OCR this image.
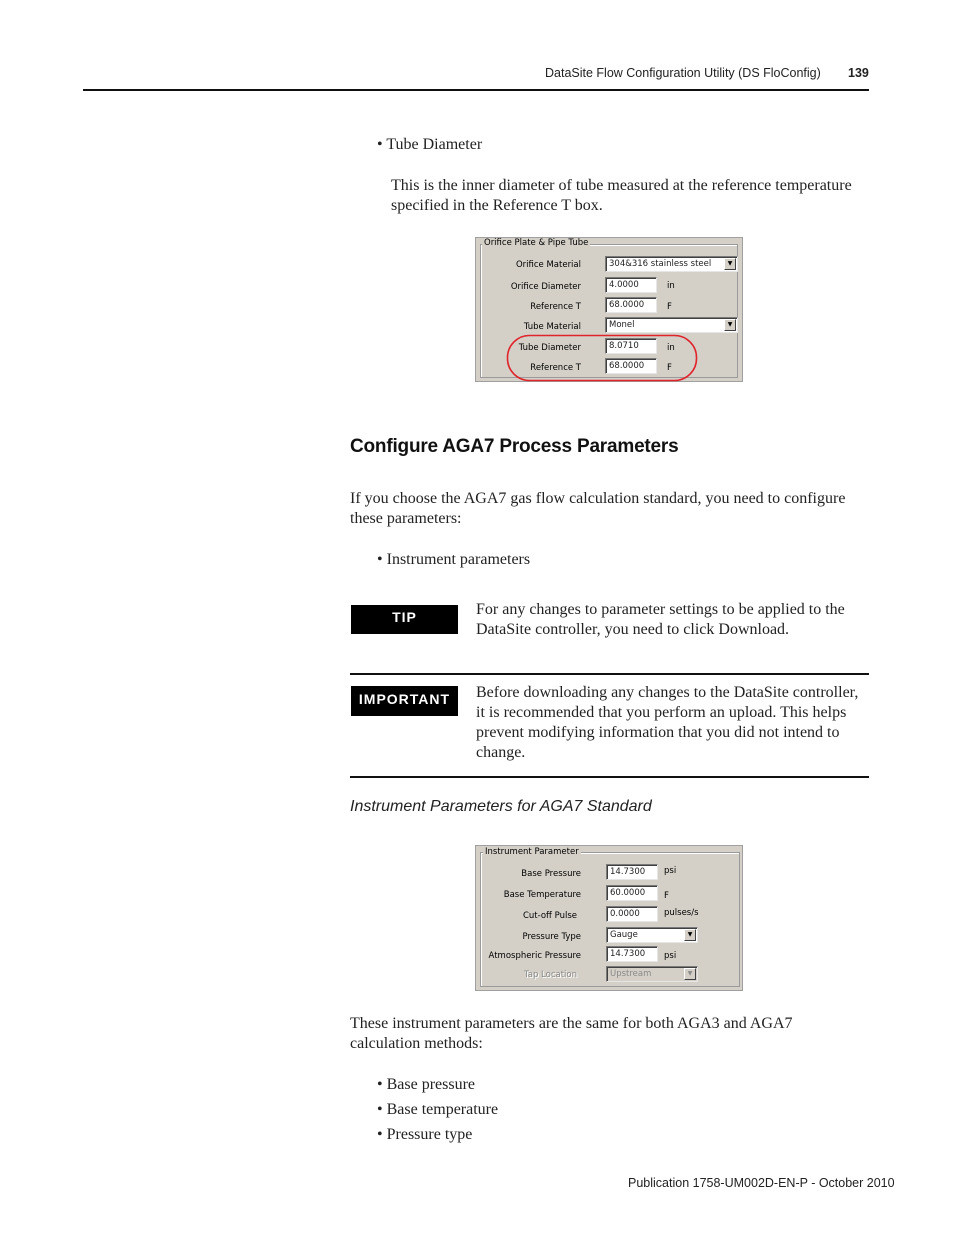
DataSite Flow Configuration Utility (DS FloConfig) 139
• Tube Diameter
This is the inner diameter of tube measured at the reference temperature specified in the Reference T box.
Orifice Plate & Pipe Tube
Orifice Material	304&316 stainless steel	▼
Orifice Diameter	4.0000	in
Reference T	68.0000	F
Tube Material	Monel	▼
Tube Diameter	8.0710	in
Reference T	68.0000	F
Configure AGA7 Process Parameters
If you choose the AGA7 gas flow calculation standard, you need to configure these parameters:
• Instrument parameters
TIP	For any changes to parameter settings to be applied to the DataSite controller, you need to click Download.
IMPORTANT	Before downloading any changes to the DataSite controller, it is recommended that you perform an upload. This helps prevent modifying information that you did not intend to change.
Instrument Parameters for AGA7 Standard
Instrument Parameter
Base Pressure	14.7300	psi
Base Temperature	60.0000	F
Cut-off Pulse	0.0000	pulses/s
Pressure Type	Gauge	▼
Atmospheric Pressure	14.7300	psi
Tap Location	Upstream	▼
These instrument parameters are the same for both AGA3 and AGA7 calculation methods:
• Base pressure
• Base temperature
• Pressure type
Publication 1758-UM002D-EN-P - October 2010
